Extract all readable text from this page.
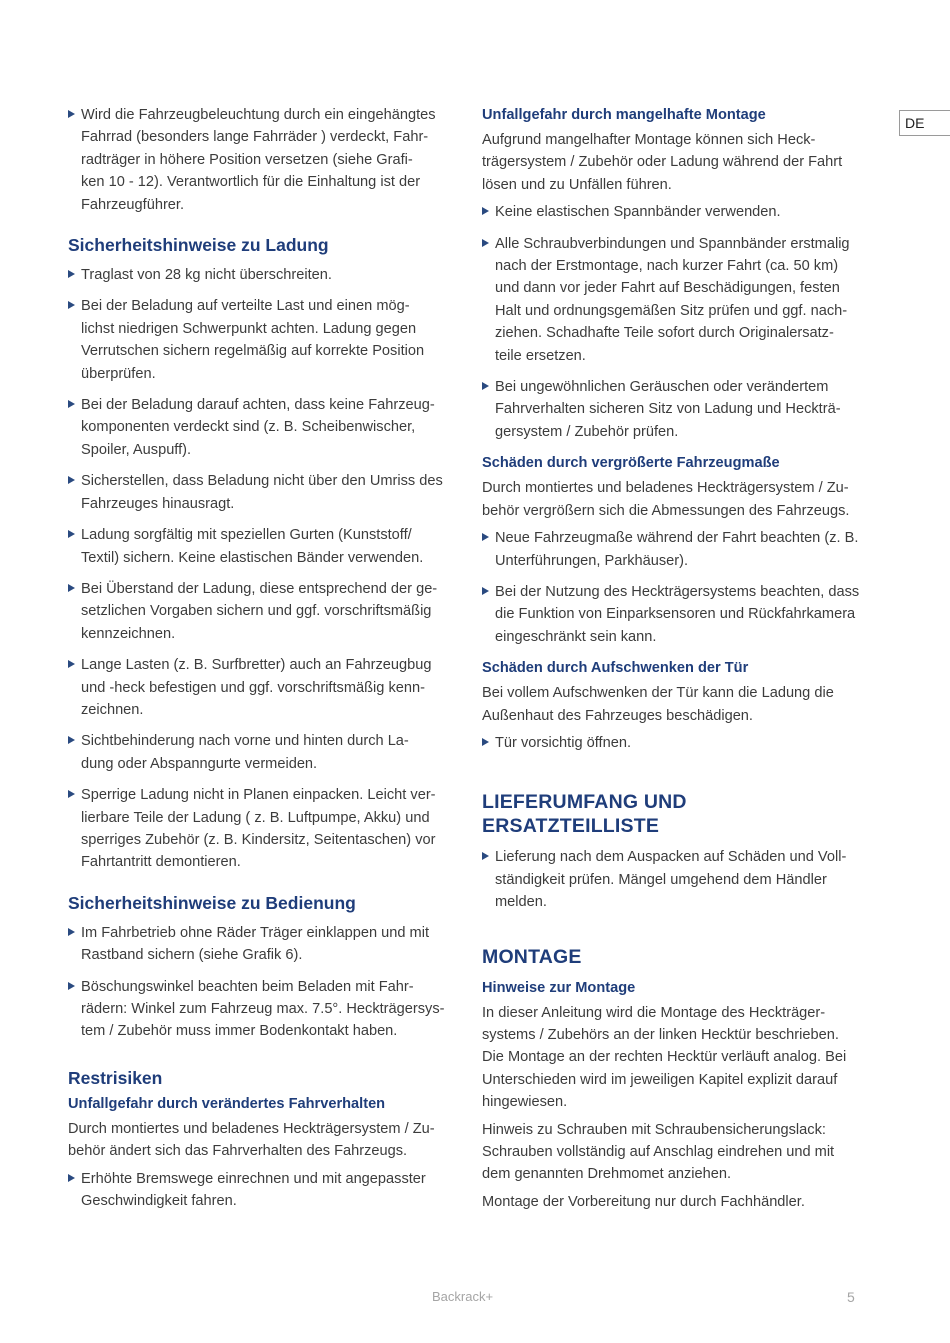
DE
Wird die Fahrzeugbeleuchtung durch ein eingehängtes
Fahrrad (besonders lange Fahrräder ) verdeckt, Fahr-
radträger in höhere Position versetzen (siehe Grafi-
ken 10 - 12). Verantwortlich für die Einhaltung ist der
Fahrzeugführer.
Sicherheitshinweise zu Ladung
Traglast von 28 kg nicht überschreiten.
Bei der Beladung auf verteilte Last und einen mög-
lichst niedrigen Schwerpunkt achten. Ladung gegen
Verrutschen sichern regelmäßig auf korrekte Position
überprüfen.
Bei der Beladung darauf achten, dass keine Fahrzeug-
komponenten verdeckt sind (z. B. Scheibenwischer,
Spoiler, Auspuff).
Sicherstellen, dass Beladung nicht über den Umriss des
Fahrzeuges hinausragt.
Ladung sorgfältig mit speziellen Gurten (Kunststoff/
Textil) sichern. Keine elastischen Bänder verwenden.
Bei Überstand der Ladung, diese entsprechend der ge-
setzlichen Vorgaben sichern und ggf. vorschriftsmäßig
kennzeichnen.
Lange Lasten (z. B. Surfbretter) auch an Fahrzeugbug
und -heck befestigen und ggf. vorschriftsmäßig kenn-
zeichnen.
Sichtbehinderung nach vorne und hinten durch La-
dung oder Abspanngurte vermeiden.
Sperrige Ladung nicht in Planen einpacken. Leicht ver-
lierbare Teile der Ladung ( z. B. Luftpumpe, Akku) und
sperriges Zubehör (z. B. Kindersitz, Seitentaschen) vor
Fahrtantritt demontieren.
Sicherheitshinweise zu Bedienung
Im Fahrbetrieb ohne Räder Träger einklappen und mit
Rastband sichern (siehe Grafik 6).
Böschungswinkel beachten beim Beladen mit Fahr-
rädern: Winkel zum Fahrzeug max. 7.5°. Heckträgersys-
tem / Zubehör muss immer Bodenkontakt haben.
Restrisiken
Unfallgefahr durch verändertes Fahrverhalten
Durch montiertes und beladenes Heckträgersystem / Zu-
behör ändert sich das Fahrverhalten des Fahrzeugs.
Erhöhte Bremswege einrechnen und mit angepasster
Geschwindigkeit fahren.
Unfallgefahr durch mangelhafte Montage
Aufgrund mangelhafter Montage können sich Heck-
trägersystem / Zubehör oder Ladung während der Fahrt
lösen und zu Unfällen führen.
Keine elastischen Spannbänder verwenden.
Alle Schraubverbindungen und Spannbänder erstmalig
nach der Erstmontage, nach kurzer Fahrt (ca. 50 km)
und dann vor jeder Fahrt auf Beschädigungen, festen
Halt und ordnungsgemäßen Sitz prüfen und ggf. nach-
ziehen. Schadhafte Teile sofort durch Originalersatz-
teile ersetzen.
Bei ungewöhnlichen Geräuschen oder verändertem
Fahrverhalten sicheren Sitz von Ladung und Heckträ-
gersystem / Zubehör prüfen.
Schäden durch vergrößerte Fahrzeugmaße
Durch montiertes und beladenes Heckträgersystem / Zu-
behör vergrößern sich die Abmessungen des Fahrzeugs.
Neue Fahrzeugmaße während der Fahrt beachten (z. B.
Unterführungen, Parkhäuser).
Bei der Nutzung des Heckträgersystems beachten, dass
die Funktion von Einparksensoren und Rückfahrkamera
eingeschränkt sein kann.
Schäden durch Aufschwenken der Tür
Bei vollem Aufschwenken der Tür kann die Ladung die
Außenhaut des Fahrzeuges beschädigen.
Tür vorsichtig öffnen.
LIEFERUMFANG UND ERSATZTEILLISTE
Lieferung nach dem Auspacken auf Schäden und Voll-
ständigkeit prüfen. Mängel umgehend dem Händler
melden.
MONTAGE
Hinweise zur Montage
In dieser Anleitung wird die Montage des Heckträger-
systems / Zubehörs an der linken Hecktür beschrieben.
Die Montage an der rechten Hecktür verläuft analog. Bei
Unterschieden wird im jeweiligen Kapitel explizit darauf
hingewiesen.
Hinweis zu Schrauben mit Schraubensicherungslack:
Schrauben vollständig auf Anschlag eindrehen und mit
dem genannten Drehmomet anziehen.
Montage der Vorbereitung nur durch Fachhändler.
Backrack+	5
